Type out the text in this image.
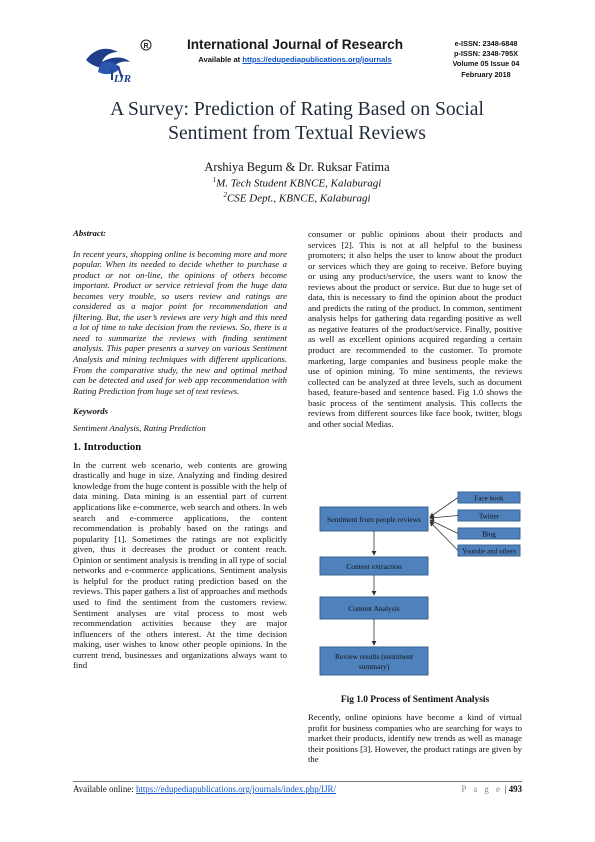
IJR
R	International Journal of Research
Available at https://edupediapublications.org/journals
e-ISSN: 2348-6848
p-ISSN: 2348-795X
Volume 05 Issue 04
February 2018
A Survey: Prediction of Rating Based on Social
Sentiment from Textual Reviews
Arshiya Begum & Dr. Ruksar Fatima
$^1$M. Tech Student KBNCE, Kalaburagi
$^2$CSE Dept., KBNCE, Kalaburagi

Abstract:

In recent years, shopping online is becoming more and more popular. When its needed to decide whether to purchase a product or not on-line, the opinions of others become important. Product or service retrieval from the huge data becomes very trouble, so users review and ratings are considered as a major point for recommendation and filtering. But, the user’s reviews are very high and this need a lot of time to take decision from the reviews. So, there is a need to summarize the reviews with finding sentiment analysis. This paper presents a survey on various Sentiment Analysis and mining techniques with different applications. From the comparative study, the new and optimal method can be detected and used for web app recommendation with Rating Prediction from huge set of text reviews.

Keywords

Sentiment Analysis, Rating Prediction

1. Introduction

In the current web scenario, web contents are growing drastically and huge in size. Analyzing and finding desired knowledge from the huge content is possible with the help of data mining. Data mining is an essential part of current applications like e-commerce, web search and others. In web search and e-commerce applications, the content recommendation is probably based on the ratings and popularity [1]. Sometimes the ratings are not explicitly given, thus it decreases the product or content reach. Opinion or sentiment analysis is trending in all type of social networks and e-commerce applications. Sentiment analysis is helpful for the product rating prediction based on the reviews. This paper gathers a list of approaches and methods used to find the sentiment from the customers review. Sentiment analyses are vital process to most web recommendation activities because they are major influencers of the others interest. At the time decision making, user wishes to know other people opinions. In the current trend, businesses and organizations always want to find

consumer or public opinions about their products and services [2]. This is not at all helpful to the business promoters; it also helps the user to know about the product or services which they are going to receive. Before buying or using any product/service, the users want to know the reviews about the product or service. But due to huge set of data, this is necessary to find the opinion about the product and predicts the rating of the product. In common, sentiment analysis helps for gathering data regarding positive as well as negative features of the product/service. Finally, positive as well as excellent opinions acquired regarding a certain product are recommended to the customer. To promote marketing, large companies and business people make the use of opinion mining. To mine sentiments, the reviews collected can be analyzed at three levels, such as document based, feature-based and sentence based. Fig 1.0 shows the basic process of the sentiment analysis. This collects the reviews from different sources like face book, twitter, blogs and other social Medias.

Sentiment from people reviews
Face book
Twitter
Blog
Youtube and others
Content extraction
Content Analysis
Review results (sentiment
summary)
Fig 1.0 Process of Sentiment Analysis

Recently, online opinions have become a kind of virtual profit for business companies who are searching for ways to market their products, identify new trends as well as manage their positions [3]. However, the product ratings are given by the

Available online: https://edupediapublications.org/journals/index.php/IJR/	P a g e | 493
